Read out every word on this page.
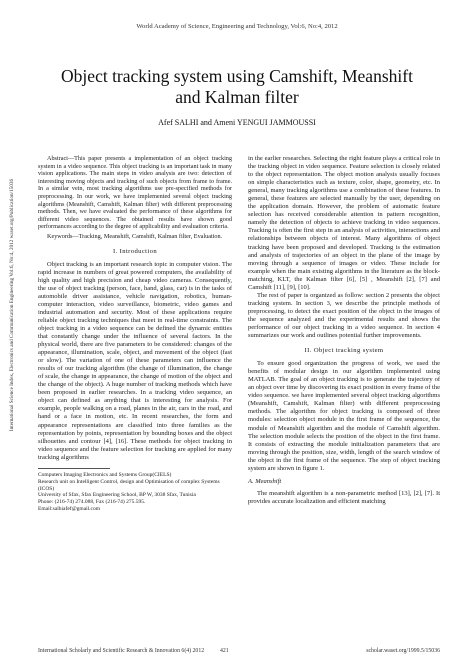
World Academy of Science, Engineering and Technology, Vol:6, No:4, 2012
International Science Index, Electronics and Communication Engineering Vol:6, No:4, 2012 waset.org/Publication/15036
Object tracking system using Camshift, Meanshift
and Kalman filter
Afef SALHI and Ameni YENGUI JAMMOUSSI

Abstract—This paper presents a implementation of an object tracking system in a video sequence. This object tracking is an important task in many vision applications. The main steps in video analysis are two: detection of interesting moving objects and tracking of such objects from frame to frame. In a similar vein, most tracking algorithms use pre-specified methods for preprocessing. In our work, we have implemented several object tracking algorithms (Meanshift, Camshift, Kalman filter) with different preprocessing methods. Then, we have evaluated the performance of these algorithms for different video sequences. The obtained results have shown good performances according to the degree of applicability and evaluation criteria.

Keywords—Tracking, Meanshift, Camshift, Kalman filter, Evaluation.

I. Introduction

Object tracking is an important research topic in computer vision. The rapid increase in numbers of great powered computers, the availability of high quality and high precision and cheap video cameras. Consequently, the use of object tracking (person, face, hand, glass, car) is in the tasks of automobile driver assistance, vehicle navigation, robotics, human-computer interaction, video surveillance, biometric, video games and industrial automation and security. Most of these applications require reliable object tracking techniques that meet in real-time constraints. The object tracking in a video sequence can be defined the dynamic entities that constantly change under the influence of several factors. In the physical world, there are five parameters to be considered: changes of the appearance, illumination, scale, object, and movement of the object (fast or slow). The variation of one of these parameters can influence the results of our tracking algorithm (the change of illumination, the change of scale, the change in appearance, the change of motion of the object and the change of the object). A huge number of tracking methods which have been proposed in earlier researches. In a tracking video sequence, an object can defined as anything that is interesting for analysis. For example, people walking on a road, planes in the air, cars in the road, and hand or a face in motion, etc. In recent researches, the form and appearance representations are classified into three families as the representation by points, representation by bounding boxes and the object silhouettes and contour [4], [16]. These methods for object tracking in video sequence and the feature selection for tracking are applied for many tracking algorithms

Computers Imaging Electronics and Systems Group(CIELS)
Research unit on Intelligent Control, design and Optimisation of complex Systems (ICOS)
University of Sfax, Sfax Engineering School, BP W, 3038 Sfax, Tunisia
Phone: (216-74) 274.088, Fax (216-74) 275.595.
Email:salhiafef@gmail.com

in the earlier researches. Selecting the right feature plays a critical role in the tracking object in video sequence. Feature selection is closely related to the object representation. The object motion analysis usually focuses on simple characteristics such as texture, color, shape, geometry, etc. In general, many tracking algorithms use a combination of these features. In general, these features are selected manually by the user, depending on the application domain. However, the problem of automatic feature selection has received considerable attention in pattern recognition, namely the detection of objects to achieve tracking in video sequences. Tracking is often the first step in an analysis of activities, interactions and relationships between objects of interest. Many algorithms of object tracking have been proposed and developed. Tracking is the estimation and analysis of trajectories of an object in the plane of the image by moving through a sequence of images or video. These include for example when the main existing algorithms in the literature as the block-matching, KLT, the Kalman filter [6], [5] , Meanshift [2], [7] and Camshift [11], [9], [10].

The rest of paper is organized as follow: section 2 presents the object tracking system. In section 3, we describe the principle methods of preprocessing, to detect the exact position of the object in the images of the sequence analyzed and the experimental results and shows the performance of our object tracking in a video sequence. In section 4 summarizes our work and outlines potential further improvements.

II. Object tracking system

To ensure good organization the progress of work, we used the benefits of modular design in our algorithm implemented using MATLAB. The goal of an object tracking is to generate the trajectory of an object over time by discovering its exact position in every frame of the video sequence. we have implemented several object tracking algorithms (Meanshift, Camshift, Kalman filter) with different preprocessing methods. The algorithm for object tracking is composed of three modules: selection object module in the first frame of the sequence, the module of Meanshift algorithm and the module of Camshift algorithm. The selection module selects the position of the object in the first frame. It consists of extracting the module initialization parameters that are moving through the position, size, width, length of the search window of the object in the first frame of the sequence. The step of object tracking system are shown in figure 1.

A. Meanshift

The meanshift algorithm is a non-parametric method [13], [2], [7]. It provides accurate localization and efficient matching

International Scholarly and Scientific Research & Innovation 6(4) 2012	421	scholar.waset.org/1999.5/15036
